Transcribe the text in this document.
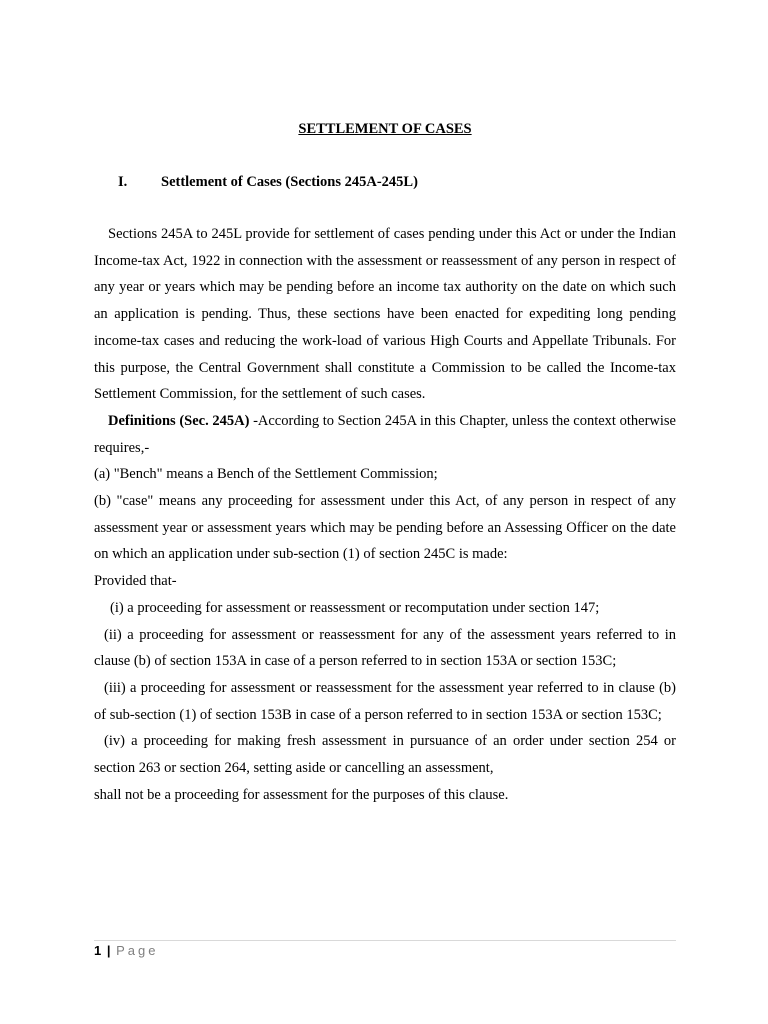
SETTLEMENT OF CASES
I. Settlement of Cases (Sections 245A-245L)

Sections 245A to 245L provide for settlement of cases pending under this Act or under the Indian Income-tax Act, 1922 in connection with the assessment or reassessment of any person in respect of any year or years which may be pending before an income tax authority on the date on which such an application is pending. Thus, these sections have been enacted for expediting long pending income-tax cases and reducing the work-load of various High Courts and Appellate Tribunals. For this purpose, the Central Government shall constitute a Commission to be called the Income-tax Settlement Commission, for the settlement of such cases.

Definitions (Sec. 245A) -According to Section 245A in this Chapter, unless the context otherwise requires,-

(a) "Bench" means a Bench of the Settlement Commission;

(b) "case" means any proceeding for assessment under this Act, of any person in respect of any assessment year or assessment years which may be pending before an Assessing Officer on the date on which an application under sub-section (1) of section 245C is made:

Provided that-

(i) a proceeding for assessment or reassessment or recomputation under section 147;

(ii) a proceeding for assessment or reassessment for any of the assessment years referred to in clause (b) of section 153A in case of a person referred to in section 153A or section 153C;

(iii) a proceeding for assessment or reassessment for the assessment year referred to in clause (b) of sub-section (1) of section 153B in case of a person referred to in section 153A or section 153C;

(iv) a proceeding for making fresh assessment in pursuance of an order under section 254 or section 263 or section 264, setting aside or cancelling an assessment,

shall not be a proceeding for assessment for the purposes of this clause.

1 | Page
